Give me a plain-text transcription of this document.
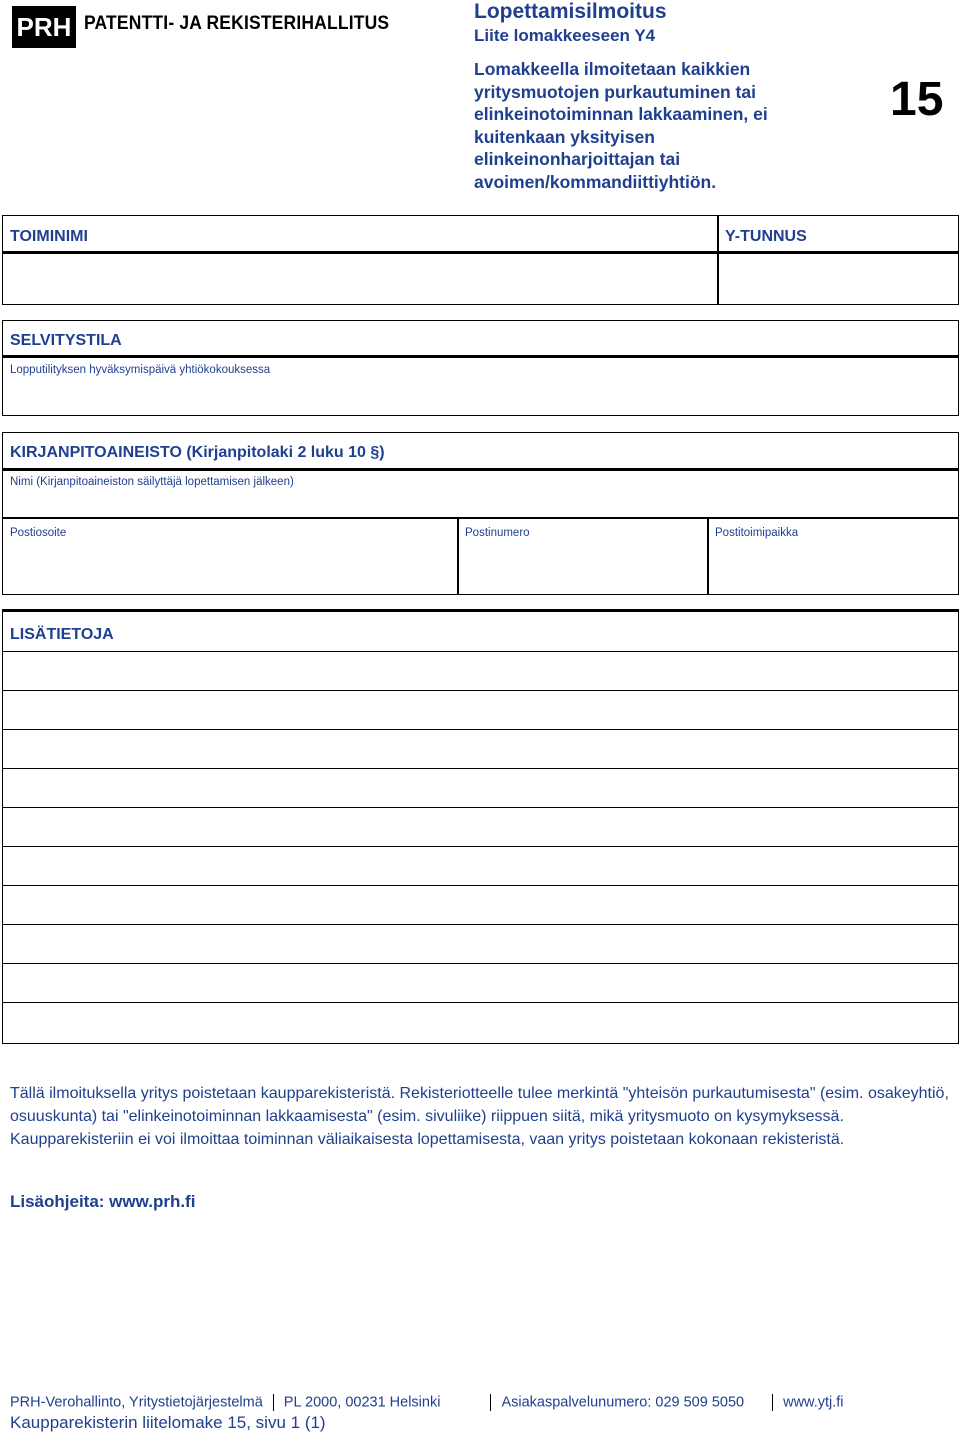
PRH PATENTTI- JA REKISTERIHALLITUS
Lopettamisilmoitus
Liite lomakkeeseen Y4
Lomakkeella ilmoitetaan kaikkien yritysmuotojen purkautuminen tai elinkeinotoiminnan lakkaaminen, ei kuitenkaan yksityisen elinkeinonharjoittajan tai avoimen/kommandiittiyhtiön.
15
TOIMINIMI	Y-TUNNUS
SELVITYSTILA
Lopputilityksen hyväksymispäivä yhtiökokouksessa
KIRJANPITOAINEISTO (Kirjanpitolaki 2 luku 10 §)
Nimi (Kirjanpitoaineiston säilyttäjä lopettamisen jälkeen)
Postiosoite	Postinumero	Postitoimipaikka
LISÄTIETOJA
Tällä ilmoituksella yritys poistetaan kaupparekisteristä. Rekisteriotteelle tulee merkintä "yhteisön purkautumisesta" (esim. osakeyhtiö, osuuskunta) tai "elinkeinotoiminnan lakkaamisesta" (esim. sivuliike) riippuen siitä, mikä yritysmuoto on kysymyksessä. Kaupparekisteriin ei voi ilmoittaa toiminnan väliaikaisesta lopettamisesta, vaan yritys poistetaan kokonaan rekisteristä.
Lisäohjeita: www.prh.fi
PRH-Verohallinto, Yritystietojärjestelmä PL 2000, 00231 Helsinki	Asiakaspalvelunumero: 029 509 5050	www.ytj.fi
Kaupparekisterin liitelomake 15, sivu 1 (1)
